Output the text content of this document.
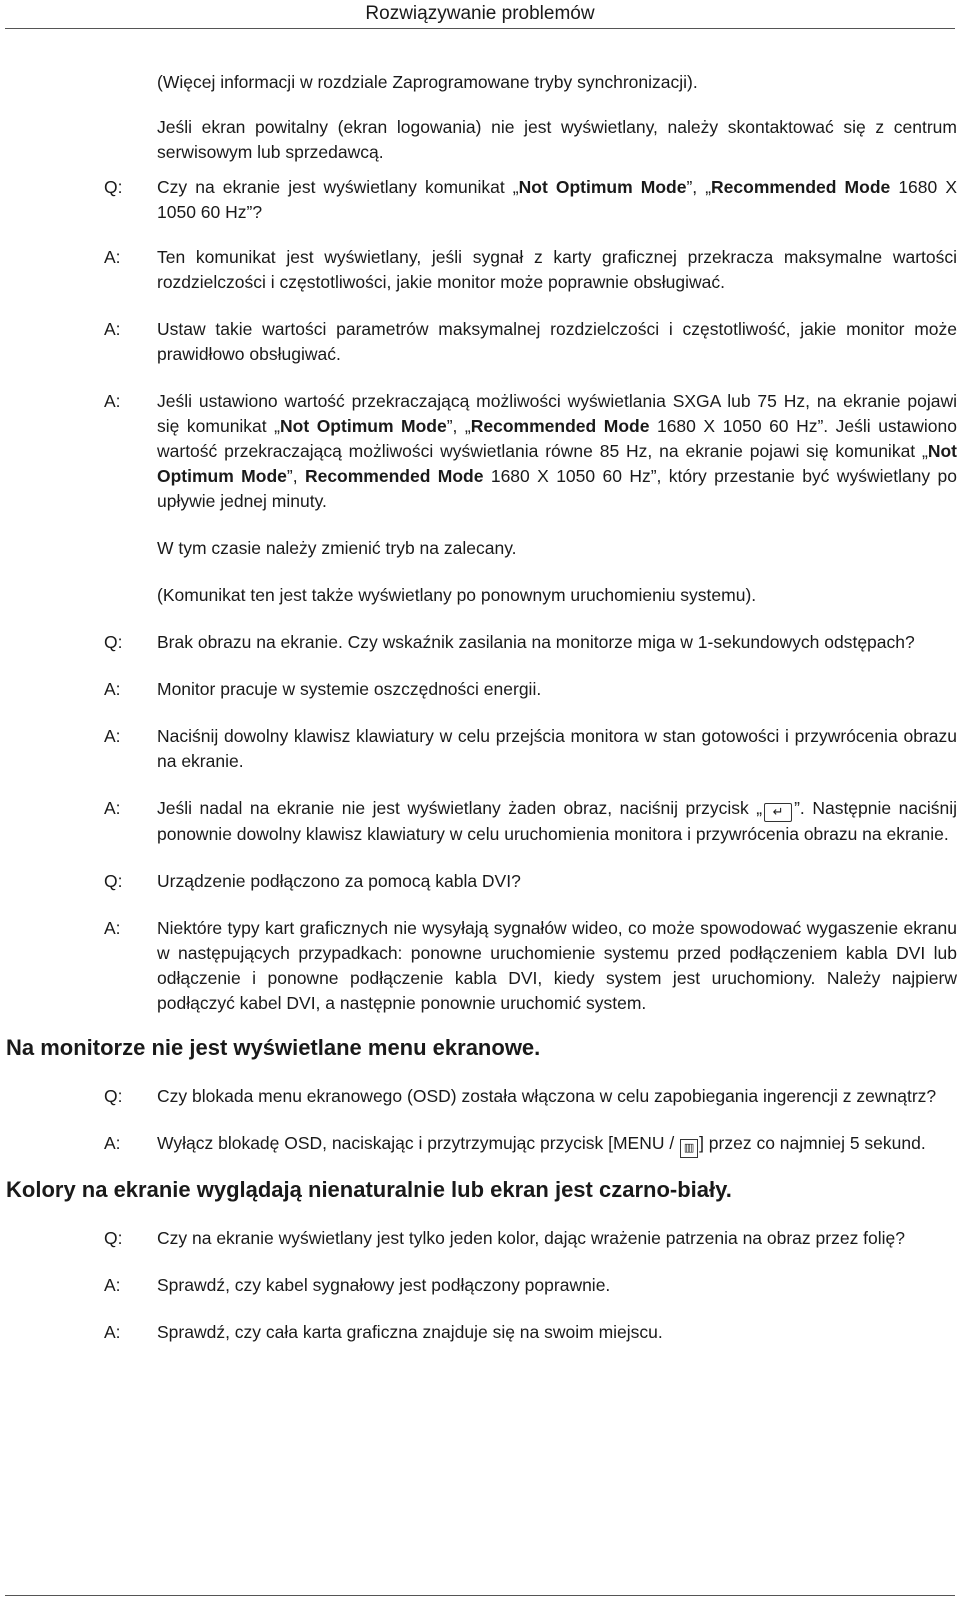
Rozwiązywanie problemów
(Więcej informacji w rozdziale Zaprogramowane tryby synchronizacji).
Jeśli ekran powitalny (ekran logowania) nie jest wyświetlany, należy skontaktować się z centrum serwisowym lub sprzedawcą.
Q: Czy na ekranie jest wyświetlany komunikat „Not Optimum Mode”, „Recommended Mode 1680 X 1050 60 Hz”?
A: Ten komunikat jest wyświetlany, jeśli sygnał z karty graficznej przekracza maksymalne wartości rozdzielczości i częstotliwości, jakie monitor może poprawnie obsługiwać.
A: Ustaw takie wartości parametrów maksymalnej rozdzielczości i częstotliwość, jakie monitor może prawidłowo obsługiwać.
A: Jeśli ustawiono wartość przekraczającą możliwości wyświetlania SXGA lub 75 Hz, na ekranie pojawi się komunikat „Not Optimum Mode”, „Recommended Mode 1680 X 1050 60 Hz”. Jeśli ustawiono wartość przekraczającą możliwości wyświetlania równe 85 Hz, na ekranie pojawi się komunikat „Not Optimum Mode”, Recommended Mode 1680 X 1050 60 Hz”, który przestanie być wyświetlany po upływie jednej minuty.
W tym czasie należy zmienić tryb na zalecany.
(Komunikat ten jest także wyświetlany po ponownym uruchomieniu systemu).
Q: Brak obrazu na ekranie. Czy wskaźnik zasilania na monitorze miga w 1-sekundowych odstępach?
A: Monitor pracuje w systemie oszczędności energii.
A: Naciśnij dowolny klawisz klawiatury w celu przejścia monitora w stan gotowości i przywrócenia obrazu na ekranie.
A: Jeśli nadal na ekranie nie jest wyświetlany żaden obraz, naciśnij przycisk „ ↵ ”. Następnie naciśnij ponownie dowolny klawisz klawiatury w celu uruchomienia monitora i przywrócenia obrazu na ekranie.
Q: Urządzenie podłączono za pomocą kabla DVI?
A: Niektóre typy kart graficznych nie wysyłają sygnałów wideo, co może spowodować wygaszenie ekranu w następujących przypadkach: ponowne uruchomienie systemu przed podłączeniem kabla DVI lub odłączenie i ponowne podłączenie kabla DVI, kiedy system jest uruchomiony. Należy najpierw podłączyć kabel DVI, a następnie ponownie uruchomić system.
Na monitorze nie jest wyświetlane menu ekranowe.
Q: Czy blokada menu ekranowego (OSD) została włączona w celu zapobiegania ingerencji z zewnątrz?
A: Wyłącz blokadę OSD, naciskając i przytrzymując przycisk [MENU / ▥ ] przez co najmniej 5 sekund.
Kolory na ekranie wyglądają nienaturalnie lub ekran jest czarno-biały.
Q: Czy na ekranie wyświetlany jest tylko jeden kolor, dając wrażenie patrzenia na obraz przez folię?
A: Sprawdź, czy kabel sygnałowy jest podłączony poprawnie.
A: Sprawdź, czy cała karta graficzna znajduje się na swoim miejscu.
